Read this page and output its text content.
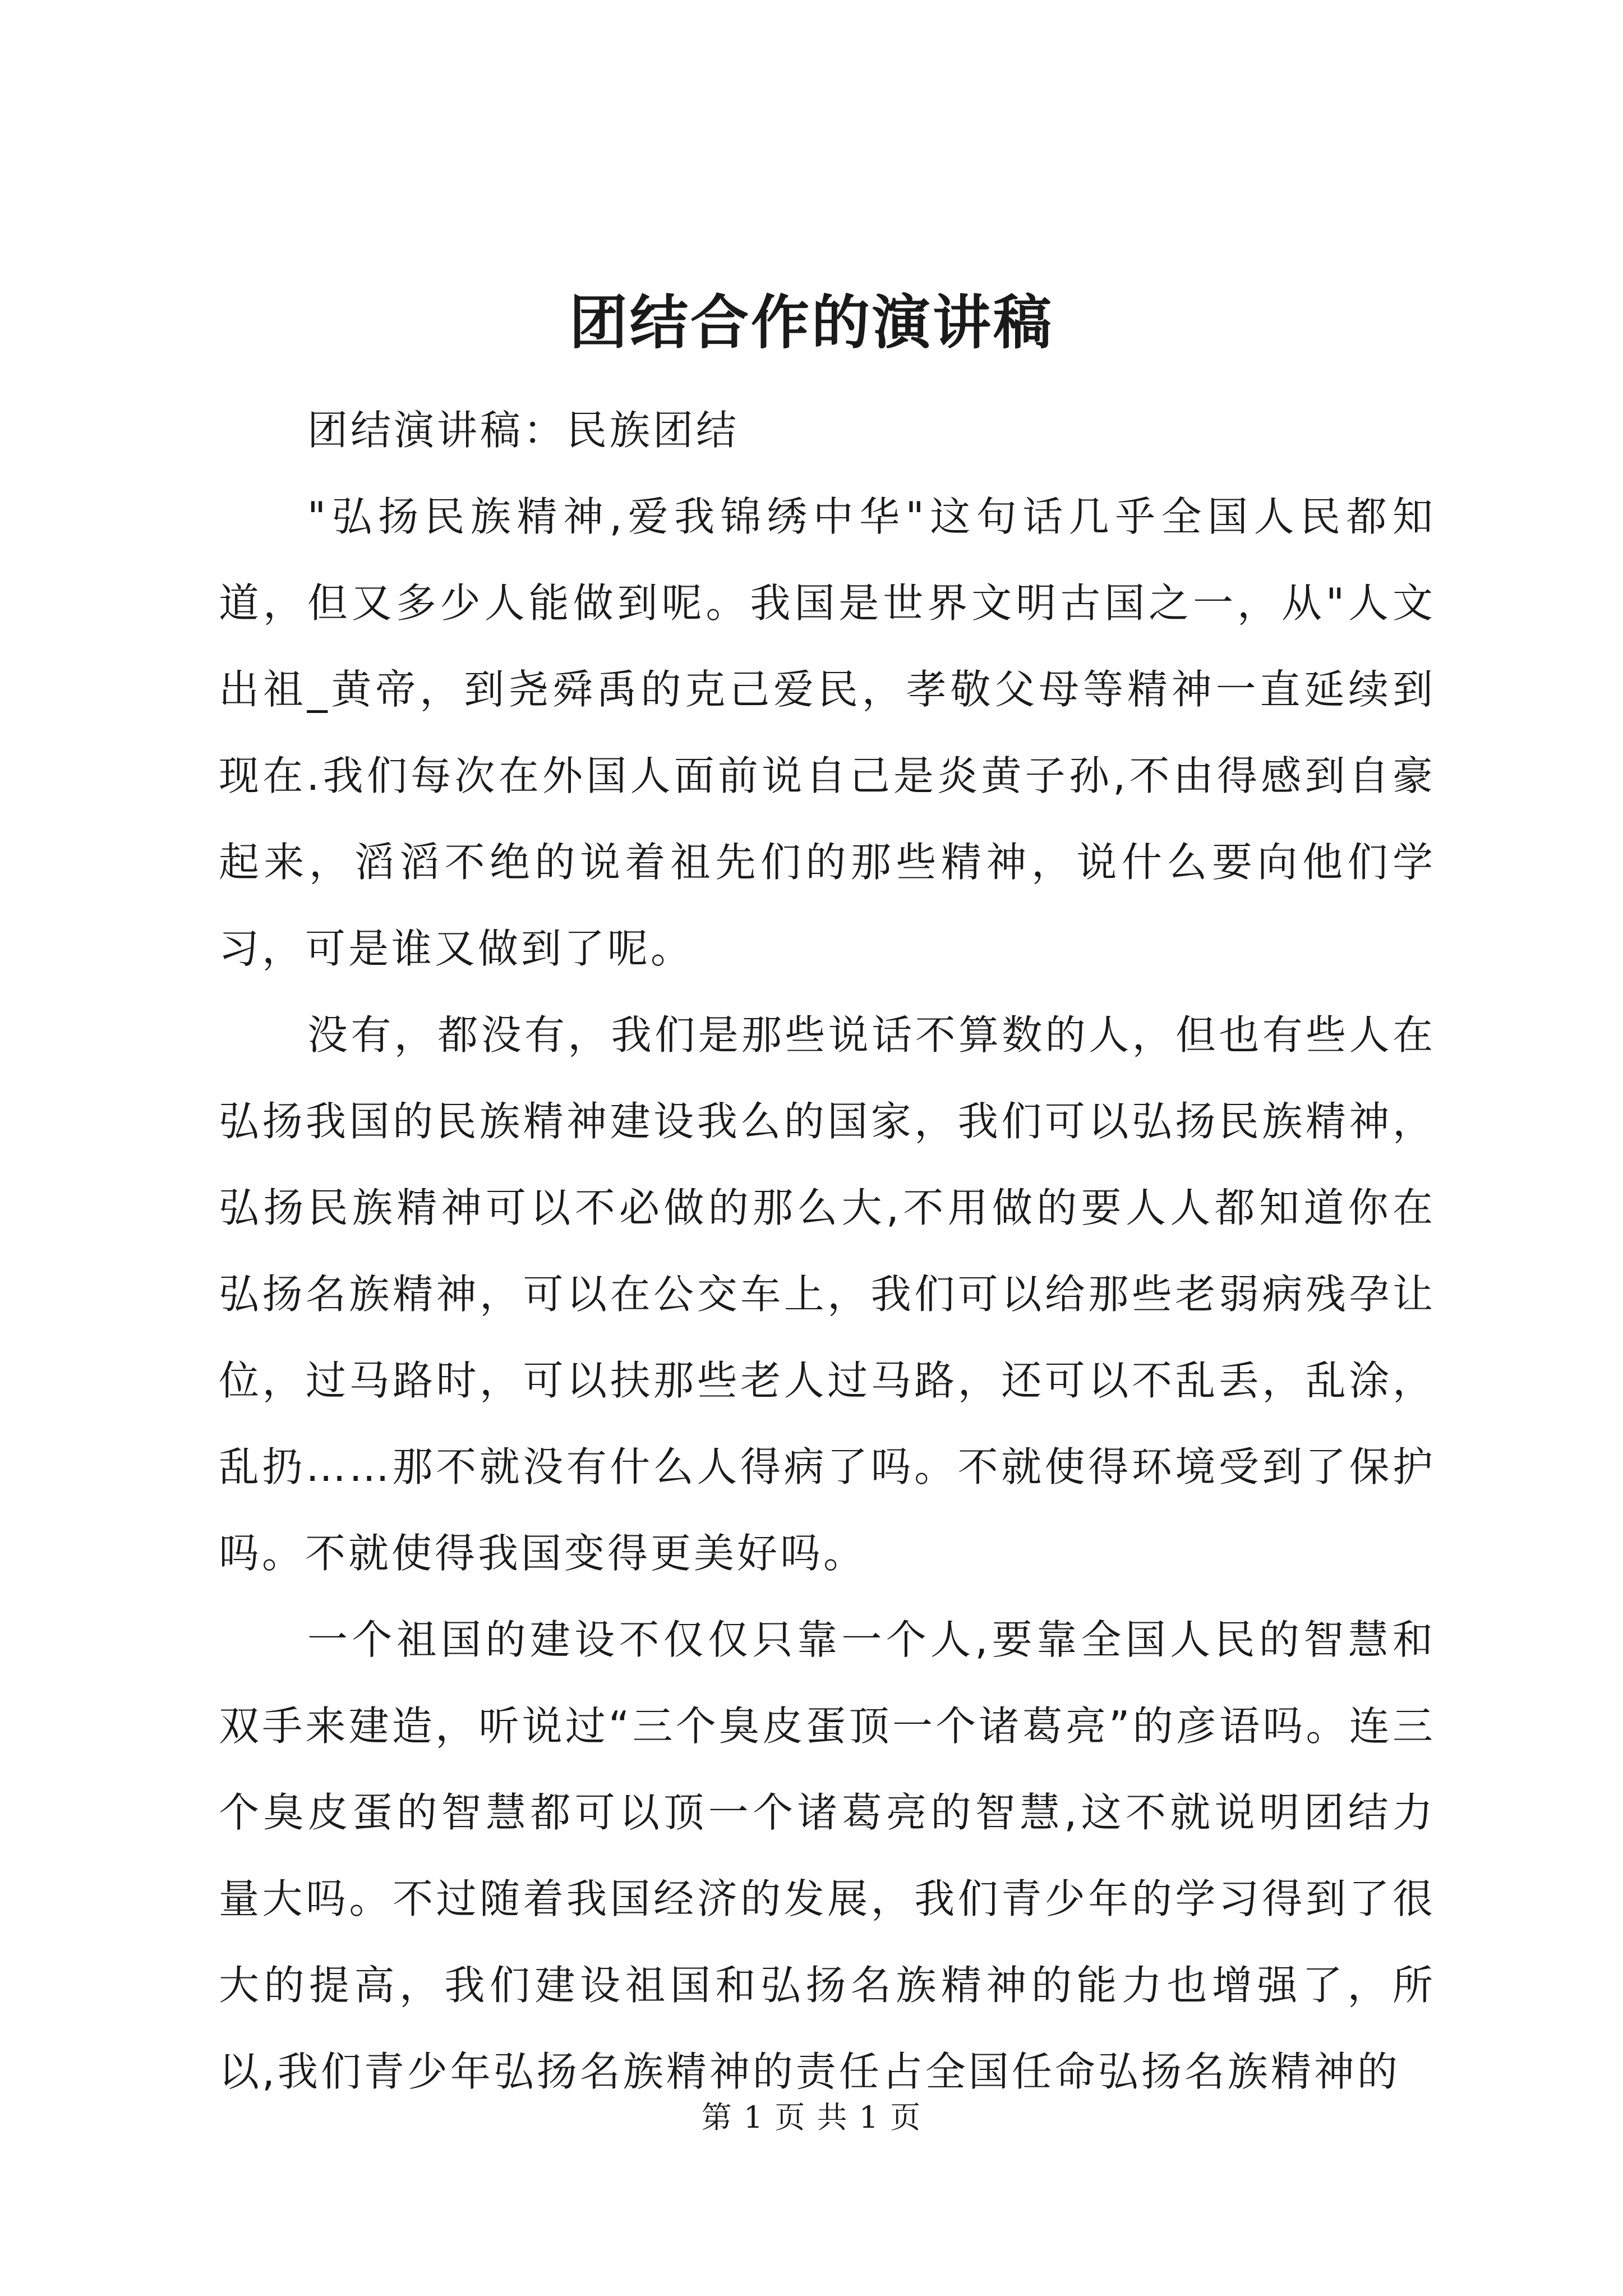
团结合作的演讲稿

团结演讲稿：民族团结

"弘扬民族精神,爱我锦绣中华"这句话几乎全国人民都知道，但又多少人能做到呢。我国是世界文明古国之一，从"人文出祖_黄帝，到尧舜禹的克己爱民，孝敬父母等精神一直延续到现在.我们每次在外国人面前说自己是炎黄子孙,不由得感到自豪起来，滔滔不绝的说着祖先们的那些精神，说什么要向他们学习，可是谁又做到了呢。

没有，都没有，我们是那些说话不算数的人，但也有些人在弘扬我国的民族精神建设我么的国家，我们可以弘扬民族精神，弘扬民族精神可以不必做的那么大,不用做的要人人都知道你在弘扬名族精神，可以在公交车上，我们可以给那些老弱病残孕让位，过马路时，可以扶那些老人过马路，还可以不乱丢，乱涂，乱扔……那不就没有什么人得病了吗。不就使得环境受到了保护吗。不就使得我国变得更美好吗。

一个祖国的建设不仅仅只靠一个人,要靠全国人民的智慧和双手来建造，听说过“三个臭皮蛋顶一个诸葛亮”的彦语吗。连三个臭皮蛋的智慧都可以顶一个诸葛亮的智慧,这不就说明团结力量大吗。不过随着我国经济的发展，我们青少年的学习得到了很大的提高，我们建设祖国和弘扬名族精神的能力也增强了，所以,我们青少年弘扬名族精神的责任占全国任命弘扬名族精神的

第 1 页 共 1 页
